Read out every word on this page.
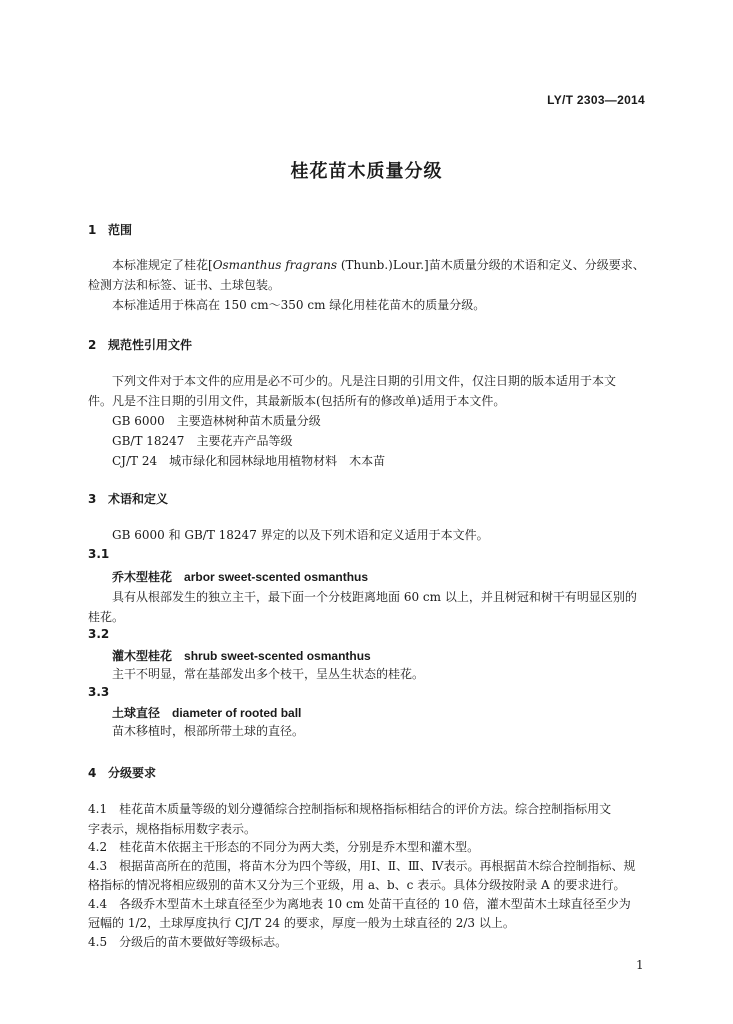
LY/T 2303—2014
桂花苗木质量分级
1 范围
本标准规定了桂花[Osmanthus fragrans (Thunb.)Lour.]苗木质量分级的术语和定义、分级要求、
检测方法和标签、证书、土球包装。
本标准适用于株高在 150 cm～350 cm 绿化用桂花苗木的质量分级。
2 规范性引用文件
下列文件对于本文件的应用是必不可少的。凡是注日期的引用文件，仅注日期的版本适用于本文
件。凡是不注日期的引用文件，其最新版本(包括所有的修改单)适用于本文件。
GB 6000　主要造林树种苗木质量分级
GB/T 18247　主要花卉产品等级
CJ/T 24　城市绿化和园林绿地用植物材料　木本苗
3 术语和定义
GB 6000 和 GB/T 18247 界定的以及下列术语和定义适用于本文件。
3.1
乔木型桂花 arbor sweet-scented osmanthus
具有从根部发生的独立主干，最下面一个分枝距离地面 60 cm 以上，并且树冠和树干有明显区别的
桂花。
3.2
灌木型桂花 shrub sweet-scented osmanthus
主干不明显，常在基部发出多个枝干，呈丛生状态的桂花。
3.3
土球直径 diameter of rooted ball
苗木移植时，根部所带土球的直径。
4 分级要求
4.1　桂花苗木质量等级的划分遵循综合控制指标和规格指标相结合的评价方法。综合控制指标用文
字表示，规格指标用数字表示。
4.2　桂花苗木依据主干形态的不同分为两大类，分别是乔木型和灌木型。
4.3　根据苗高所在的范围，将苗木分为四个等级，用Ⅰ、Ⅱ、Ⅲ、Ⅳ表示。再根据苗木综合控制指标、规
格指标的情况将相应级别的苗木又分为三个亚级，用 a、b、c 表示。具体分级按附录 A 的要求进行。
4.4　各级乔木型苗木土球直径至少为离地表 10 cm 处苗干直径的 10 倍，灌木型苗木土球直径至少为
冠幅的 1/2，土球厚度执行 CJ/T 24 的要求，厚度一般为土球直径的 2/3 以上。
4.5　分级后的苗木要做好等级标志。
1
